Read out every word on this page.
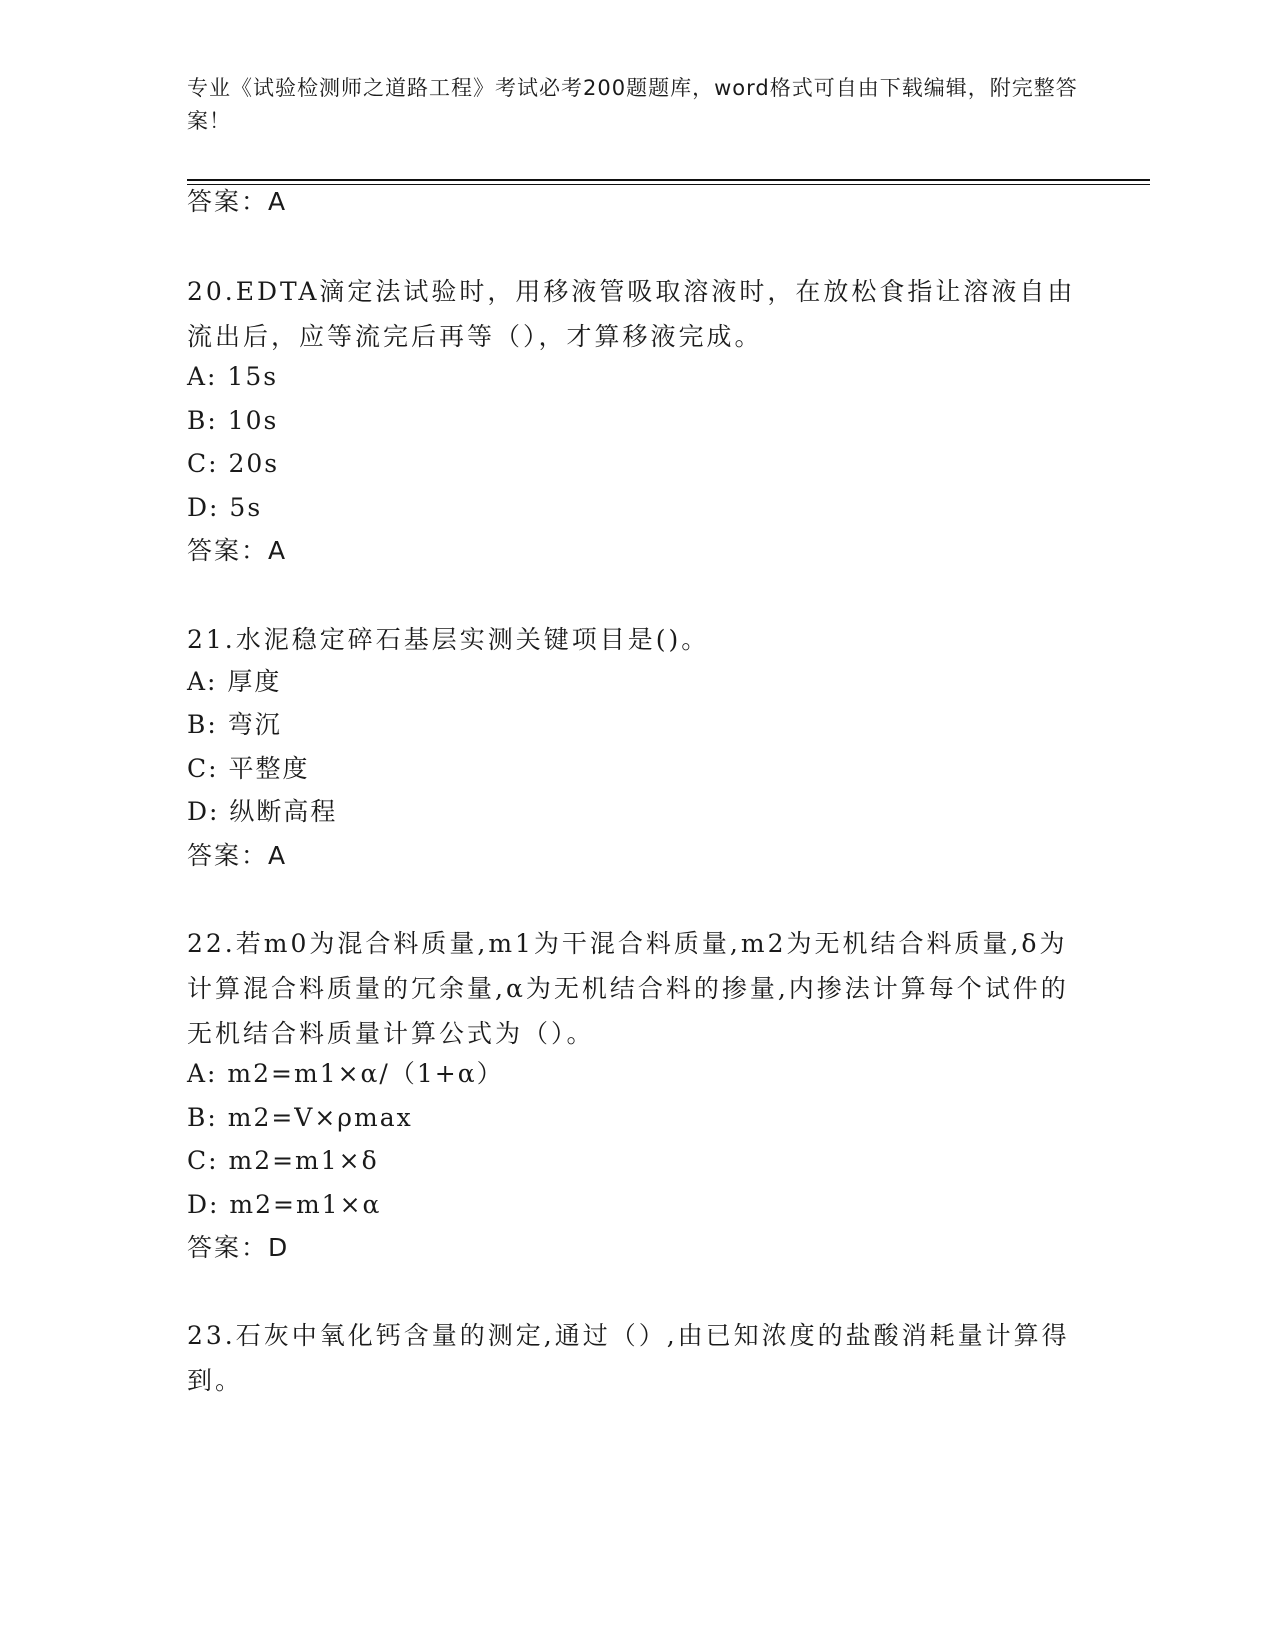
专业《试验检测师之道路工程》考试必考200题题库，word格式可自由下载编辑，附完整答案！
答案：A
20.EDTA滴定法试验时，用移液管吸取溶液时，在放松食指让溶液自由流出后，应等流完后再等（），才算移液完成。
A: 15s
B: 10s
C: 20s
D: 5s
答案：A
21.水泥稳定碎石基层实测关键项目是()。
A: 厚度
B: 弯沉
C: 平整度
D: 纵断高程
答案：A
22.若m0为混合料质量,m1为干混合料质量,m2为无机结合料质量,δ为计算混合料质量的冗余量,α为无机结合料的掺量,内掺法计算每个试件的无机结合料质量计算公式为（）。
A: m2=m1×α/（1+α）
B: m2=V×ρmax
C: m2=m1×δ
D: m2=m1×α
答案：D
23.石灰中氧化钙含量的测定,通过（）,由已知浓度的盐酸消耗量计算得到。
